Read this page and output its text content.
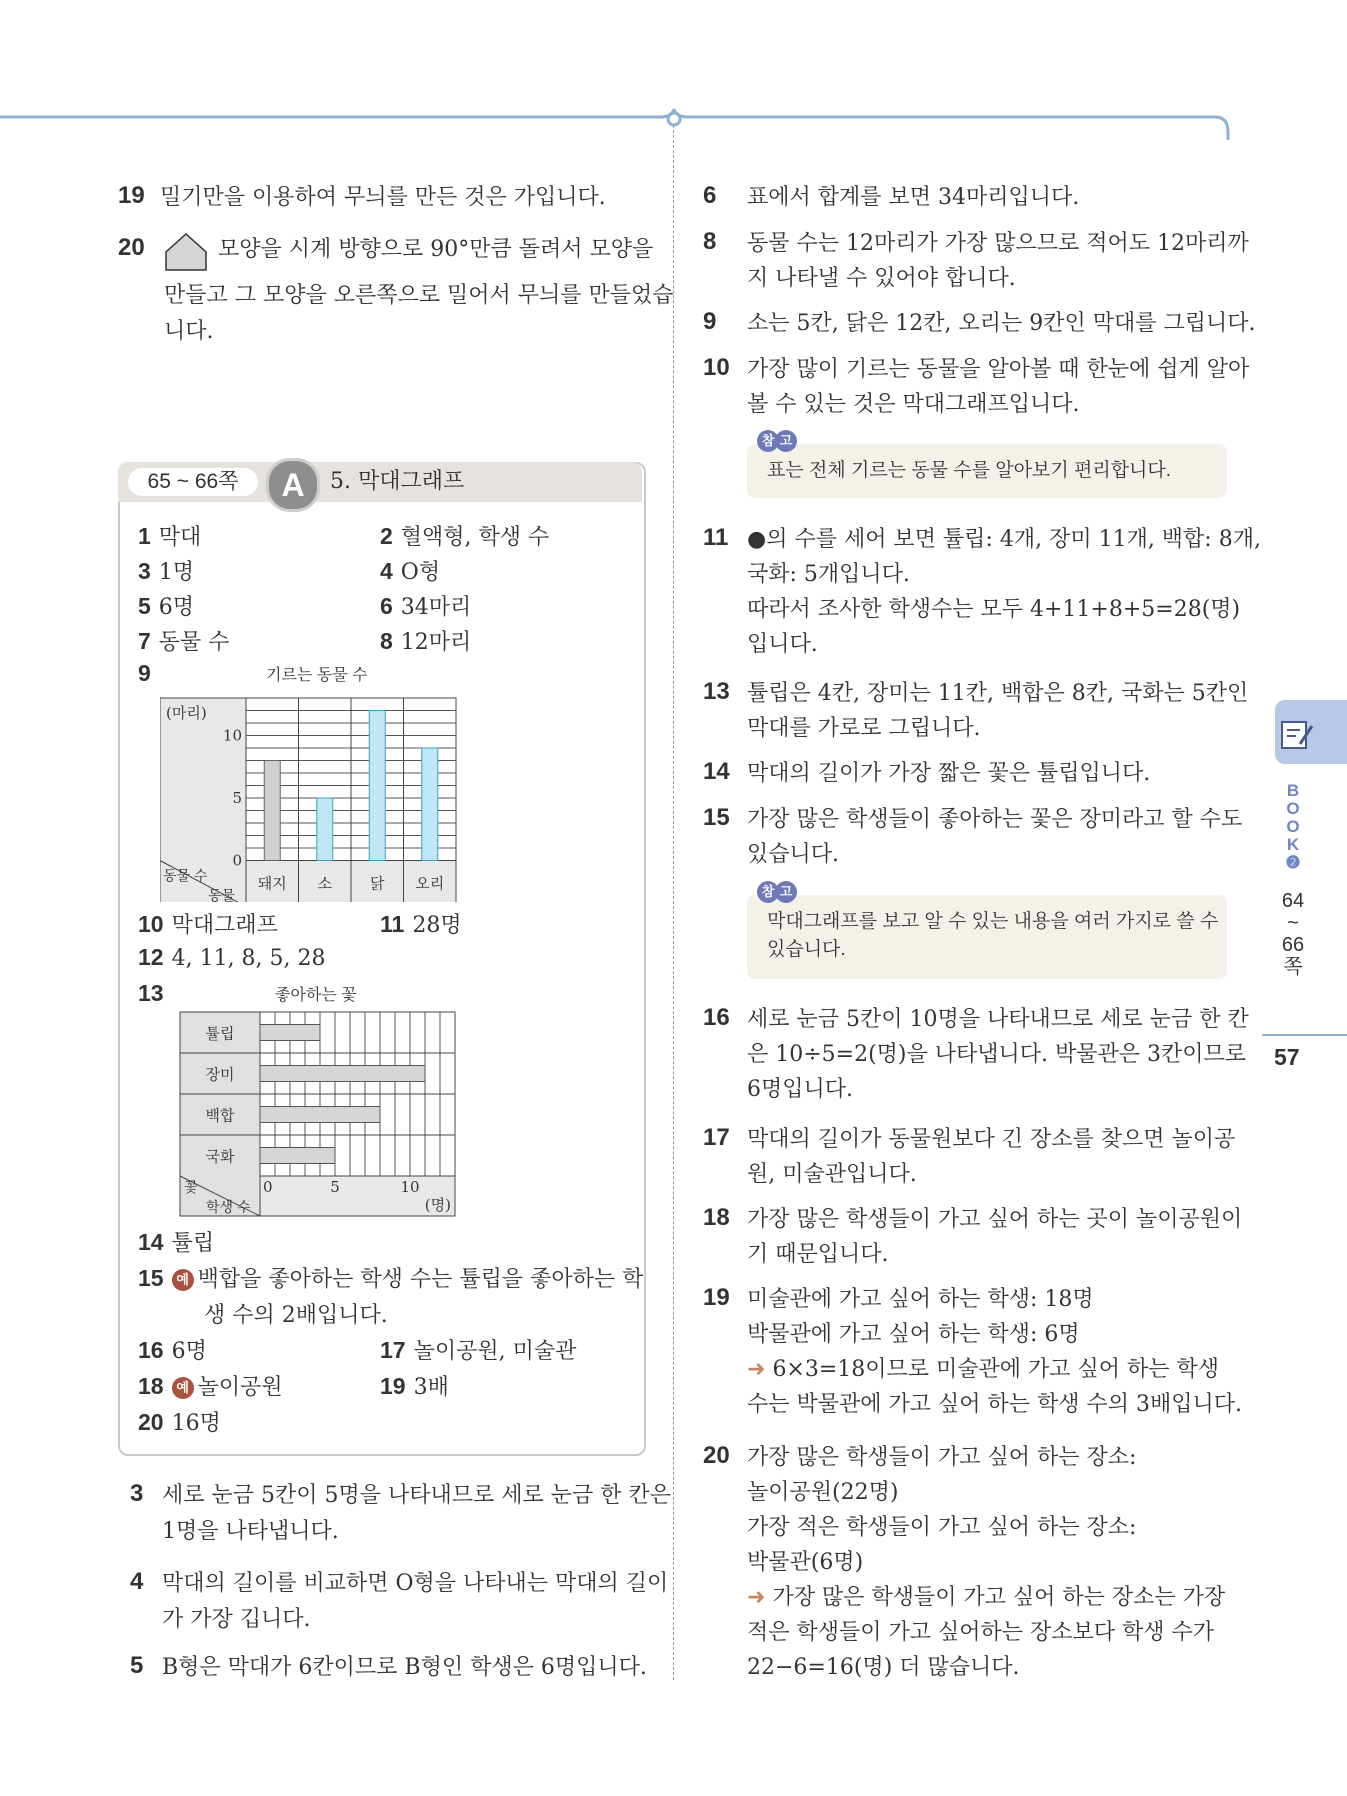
19 밀기만을 이용하여 무늬를 만든 것은 가입니다.
20	모양을 시계 방향으로 90°만큼 돌려서 모양을
만들고 그 모양을 오른쪽으로 밀어서 무늬를 만들었습
니다.
65 ~ 66쪽	A	5. 막대그래프
1 막대	2 혈액형, 학생 수
3 1명	4 O형
5 6명	6 34마리
7 동물 수	8 12마리
9	기르는 동물 수
0
5
10
(마리)
동물 수
동물
돼지 소	닭 오리
10 막대그래프	11 28명
12 4, 11, 8, 5, 28
13	좋아하는 꽃
튤립
장미
백합
국화
꽃
학생 수
0	5	10
(명)
14 튤립
15 예 백합을 좋아하는 학생 수는 튤립을 좋아하는 학
생 수의 2배입니다.
16 6명	17 놀이공원, 미술관
18 예 놀이공원	19 3배
20 16명
3 세로 눈금 5칸이 5명을 나타내므로 세로 눈금 한 칸은
1명을 나타냅니다.
4 막대의 길이를 비교하면 O형을 나타내는 막대의 길이
가 가장 깁니다.
5 B형은 막대가 6칸이므로 B형인 학생은 6명입니다.
6 표에서 합계를 보면 34마리입니다.
8 동물 수는 12마리가 가장 많으므로 적어도 12마리까
지 나타낼 수 있어야 합니다.
9 소는 5칸, 닭은 12칸, 오리는 9칸인 막대를 그립니다.
10 가장 많이 기르는 동물을 알아볼 때 한눈에 쉽게 알아
볼 수 있는 것은 막대그래프입니다.
11 ●의 수를 세어 보면 튤립: 4개, 장미 11개, 백합: 8개,
국화: 5개입니다.
따라서 조사한 학생수는 모두 4+11+8+5=28(명)
입니다.
13 튤립은 4칸, 장미는 11칸, 백합은 8칸, 국화는 5칸인
막대를 가로로 그립니다.
14 막대의 길이가 가장 짧은 꽃은 튤립입니다.
15 가장 많은 학생들이 좋아하는 꽃은 장미라고 할 수도
있습니다.
16 세로 눈금 5칸이 10명을 나타내므로 세로 눈금 한 칸
은 10÷5=2(명)을 나타냅니다. 박물관은 3칸이므로
6명입니다.
17 막대의 길이가 동물원보다 긴 장소를 찾으면 놀이공
원, 미술관입니다.
18 가장 많은 학생들이 가고 싶어 하는 곳이 놀이공원이
기 때문입니다.
19 미술관에 가고 싶어 하는 학생: 18명
박물관에 가고 싶어 하는 학생: 6명
➜ 6×3=18이므로 미술관에 가고 싶어 하는 학생
수는 박물관에 가고 싶어 하는 학생 수의 3배입니다.
20 가장 많은 학생들이 가고 싶어 하는 장소:
놀이공원(22명)
가장 적은 학생들이 가고 싶어 하는 장소:
박물관(6명)
➜ 가장 많은 학생들이 가고 싶어 하는 장소는 가장
적은 학생들이 가고 싶어하는 장소보다 학생 수가
22−6=16(명) 더 많습니다.
참 고
표는 전체 기르는 동물 수를 알아보기 편리합니다.
참 고
막대그래프를 보고 알 수 있는 내용을 여러 가지로 쓸 수
있습니다.
B
O
O
K
❷
64
~
66
쪽
57
